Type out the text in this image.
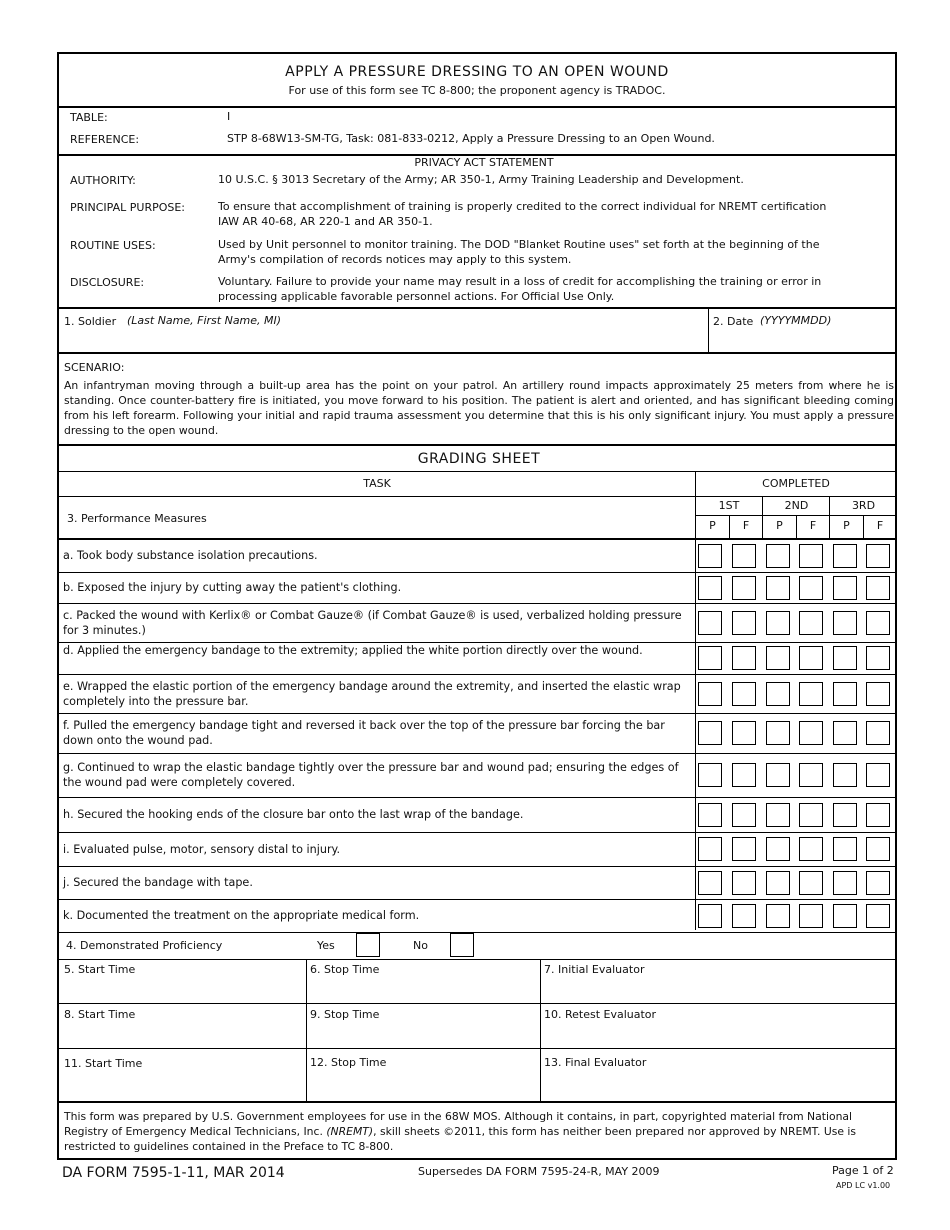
APPLY A PRESSURE DRESSING TO AN OPEN WOUND
For use of this form see TC 8-800; the proponent agency is TRADOC.
TABLE:	I
REFERENCE:	STP 8-68W13-SM-TG, Task: 081-833-0212, Apply a Pressure Dressing to an Open Wound.
PRIVACY ACT STATEMENT
AUTHORITY:	10 U.S.C. § 3013 Secretary of the Army; AR 350-1, Army Training Leadership and Development.
PRINCIPAL PURPOSE:	To ensure that accomplishment of training is properly credited to the correct individual for NREMT certification
IAW AR 40-68, AR 220-1 and AR 350-1.
ROUTINE USES:	Used by Unit personnel to monitor training. The DOD "Blanket Routine uses" set forth at the beginning of the
Army's compilation of records notices may apply to this system.
DISCLOSURE:	Voluntary. Failure to provide your name may result in a loss of credit for accomplishing the training or error in
processing applicable favorable personnel actions. For Official Use Only.
1. Soldier (Last Name, First Name, MI)	2. Date (YYYYMMDD)
SCENARIO:
An infantryman moving through a built-up area has the point on your patrol. An artillery round impacts approximately 25 meters from where he is standing. Once counter-battery fire is initiated, you move forward to his position. The patient is alert and oriented, and has significant bleeding coming from his left forearm. Following your initial and rapid trauma assessment you determine that this is his only significant injury. You must apply a pressure dressing to the open wound.
GRADING SHEET
TASK	COMPLETED
3. Performance Measures
1ST	2ND	3RD
P	F	P	F	P	F
a. Took body substance isolation precautions.
b. Exposed the injury by cutting away the patient's clothing.
c. Packed the wound with Kerlix® or Combat Gauze® (if Combat Gauze® is used, verbalized holding pressure for 3 minutes.)
d. Applied the emergency bandage to the extremity; applied the white portion directly over the wound.
e. Wrapped the elastic portion of the emergency bandage around the extremity, and inserted the elastic wrap completely into the pressure bar.
f. Pulled the emergency bandage tight and reversed it back over the top of the pressure bar forcing the bar down onto the wound pad.
g. Continued to wrap the elastic bandage tightly over the pressure bar and wound pad; ensuring the edges of the wound pad were completely covered.
h. Secured the hooking ends of the closure bar onto the last wrap of the bandage.
i. Evaluated pulse, motor, sensory distal to injury.
j. Secured the bandage with tape.
k. Documented the treatment on the appropriate medical form.
4. Demonstrated Proficiency	Yes	No
5. Start Time	6. Stop Time	7. Initial Evaluator
8. Start Time	9. Stop Time	10. Retest Evaluator
11. Start Time	12. Stop Time	13. Final Evaluator
This form was prepared by U.S. Government employees for use in the 68W MOS. Although it contains, in part, copyrighted material from National Registry of Emergency Medical Technicians, Inc. (NREMT), skill sheets ©2011, this form has neither been prepared nor approved by NREMT. Use is restricted to guidelines contained in the Preface to TC 8-800.
DA FORM 7595-1-11, MAR 2014	Supersedes DA FORM 7595-24-R, MAY 2009	Page 1 of 2
APD LC v1.00
